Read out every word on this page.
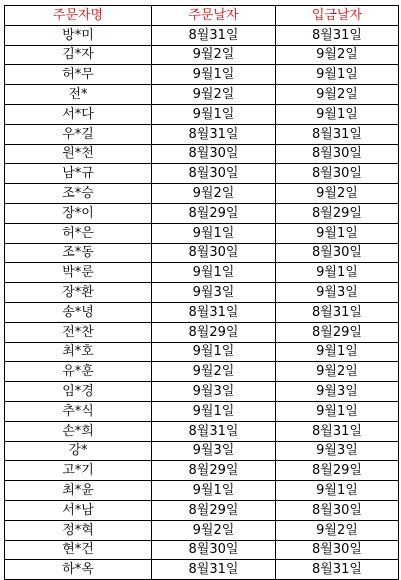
주문자명	주문날자	입금날자
방*미	8월31일	8월31일
김*자	9월2일	9월2일
허*무	9월1일	9월1일
전*	9월2일	9월2일
서*다	9월1일	9월1일
우*길	8월31일	8월31일
원*천	8월30일	8월30일
남*규	8월30일	8월30일
조*승	9월2일	9월2일
장*이	8월29일	8월29일
허*은	9월1일	9월1일
조*동	8월30일	8월30일
박*룬	9월1일	9월1일
장*환	9월3일	9월3일
송*녕	8월31일	8월31일
전*찬	8월29일	8월29일
최*호	9월1일	9월1일
유*훈	9월2일	9월2일
임*경	9월3일	9월3일
추*식	9월1일	9월1일
손*희	8월31일	8월31일
강*	9월3일	9월3일
고*기	8월29일	8월29일
최*윤	9월1일	9월1일
서*남	8월29일	8월30일
정*혁	9월2일	9월2일
현*건	8월30일	8월30일
하*옥	8월31일	8월31일
